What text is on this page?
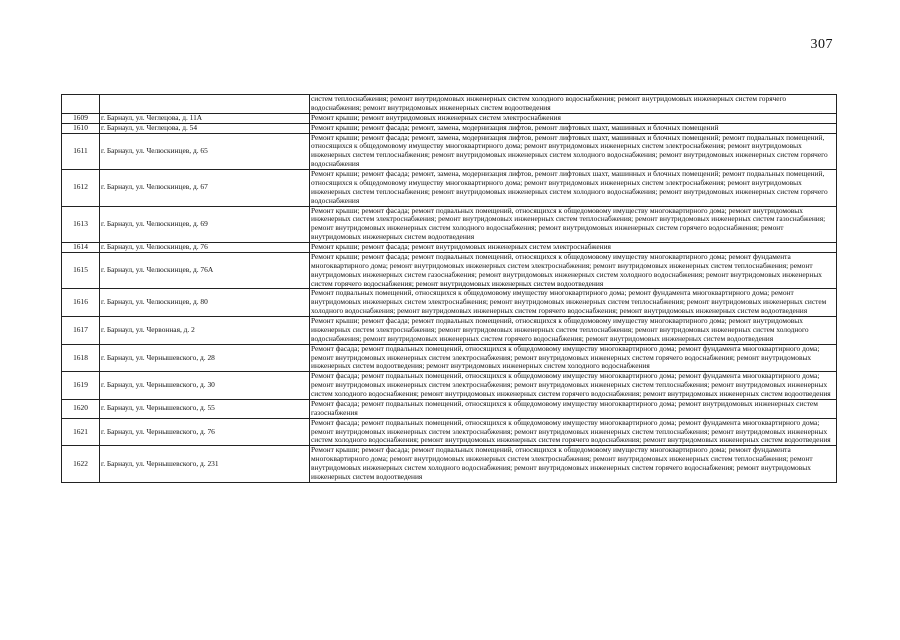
307
		систем теплоснабжения; ремонт внутридомовых инженерных систем холодного водоснабжения; ремонт внутридомовых инженерных систем горячего водоснабжения; ремонт внутридомовых инженерных систем водоотведения
1609	г. Барнаул, ул. Чеглецова, д. 11А	Ремонт крыши; ремонт внутридомовых инженерных систем электроснабжения
1610	г. Барнаул, ул. Чеглецова, д. 54	Ремонт крыши; ремонт фасада; ремонт, замена, модернизация лифтов, ремонт лифтовых шахт, машинных и блочных помещений
1611	г. Барнаул, ул. Челюскинцев, д. 65	Ремонт крыши; ремонт фасада; ремонт, замена, модернизация лифтов, ремонт лифтовых шахт, машинных и блочных помещений; ремонт подвальных помещений, относящихся к общедомовому имуществу многоквартирного дома; ремонт внутридомовых инженерных систем электроснабжения; ремонт внутридомовых инженерных систем теплоснабжения; ремонт внутридомовых инженерных систем холодного водоснабжения; ремонт внутридомовых инженерных систем горячего водоснабжения
1612	г. Барнаул, ул. Челюскинцев, д. 67	Ремонт крыши; ремонт фасада; ремонт, замена, модернизация лифтов, ремонт лифтовых шахт, машинных и блочных помещений; ремонт подвальных помещений, относящихся к общедомовому имуществу многоквартирного дома; ремонт внутридомовых инженерных систем электроснабжения; ремонт внутридомовых инженерных систем теплоснабжения; ремонт внутридомовых инженерных систем холодного водоснабжения; ремонт внутридомовых инженерных систем горячего водоснабжения
1613	г. Барнаул, ул. Челюскинцев, д. 69	Ремонт крыши; ремонт фасада; ремонт подвальных помещений, относящихся к общедомовому имуществу многоквартирного дома; ремонт внутридомовых инженерных систем электроснабжения; ремонт внутридомовых инженерных систем теплоснабжения; ремонт внутридомовых инженерных систем газоснабжения; ремонт внутридомовых инженерных систем холодного водоснабжения; ремонт внутридомовых инженерных систем горячего водоснабжения; ремонт внутридомовых инженерных систем водоотведения
1614	г. Барнаул, ул. Челюскинцев, д. 76	Ремонт крыши; ремонт фасада; ремонт внутридомовых инженерных систем электроснабжения
1615	г. Барнаул, ул. Челюскинцев, д. 76А	Ремонт крыши; ремонт фасада; ремонт подвальных помещений, относящихся к общедомовому имуществу многоквартирного дома; ремонт фундамента многоквартирного дома; ремонт внутридомовых инженерных систем электроснабжения; ремонт внутридомовых инженерных систем теплоснабжения; ремонт внутридомовых инженерных систем газоснабжения; ремонт внутридомовых инженерных систем холодного водоснабжения; ремонт внутридомовых инженерных систем горячего водоснабжения; ремонт внутридомовых инженерных систем водоотведения
1616	г. Барнаул, ул. Челюскинцев, д. 80	Ремонт подвальных помещений, относящихся к общедомовому имуществу многоквартирного дома; ремонт фундамента многоквартирного дома; ремонт внутридомовых инженерных систем электроснабжения; ремонт внутридомовых инженерных систем теплоснабжения; ремонт внутридомовых инженерных систем холодного водоснабжения; ремонт внутридомовых инженерных систем горячего водоснабжения; ремонт внутридомовых инженерных систем водоотведения
1617	г. Барнаул, ул. Червонная, д. 2	Ремонт крыши; ремонт фасада; ремонт подвальных помещений, относящихся к общедомовому имуществу многоквартирного дома; ремонт внутридомовых инженерных систем электроснабжения; ремонт внутридомовых инженерных систем теплоснабжения; ремонт внутридомовых инженерных систем холодного водоснабжения; ремонт внутридомовых инженерных систем горячего водоснабжения; ремонт внутридомовых инженерных систем водоотведения
1618	г. Барнаул, ул. Чернышевского, д. 28	Ремонт фасада; ремонт подвальных помещений, относящихся к общедомовому имуществу многоквартирного дома; ремонт фундамента многоквартирного дома; ремонт внутридомовых инженерных систем электроснабжения; ремонт внутридомовых инженерных систем горячего водоснабжения; ремонт внутридомовых инженерных систем водоотведения; ремонт внутридомовых инженерных систем холодного водоснабжения
1619	г. Барнаул, ул. Чернышевского, д. 30	Ремонт фасада; ремонт подвальных помещений, относящихся к общедомовому имуществу многоквартирного дома; ремонт фундамента многоквартирного дома; ремонт внутридомовых инженерных систем электроснабжения; ремонт внутридомовых инженерных систем теплоснабжения; ремонт внутридомовых инженерных систем холодного водоснабжения; ремонт внутридомовых инженерных систем горячего водоснабжения; ремонт внутридомовых инженерных систем водоотведения
1620	г. Барнаул, ул. Чернышевского, д. 55	Ремонт фасада; ремонт подвальных помещений, относящихся к общедомовому имуществу многоквартирного дома; ремонт внутридомовых инженерных систем газоснабжения
1621	г. Барнаул, ул. Чернышевского, д. 76	Ремонт фасада; ремонт подвальных помещений, относящихся к общедомовому имуществу многоквартирного дома; ремонт фундамента многоквартирного дома; ремонт внутридомовых инженерных систем электроснабжения; ремонт внутридомовых инженерных систем теплоснабжения; ремонт внутридомовых инженерных систем холодного водоснабжения; ремонт внутридомовых инженерных систем горячего водоснабжения; ремонт внутридомовых инженерных систем водоотведения
1622	г. Барнаул, ул. Чернышевского, д. 231	Ремонт крыши; ремонт фасада; ремонт подвальных помещений, относящихся к общедомовому имуществу многоквартирного дома; ремонт фундамента многоквартирного дома; ремонт внутридомовых инженерных систем электроснабжения; ремонт внутридомовых инженерных систем теплоснабжения; ремонт внутридомовых инженерных систем холодного водоснабжения; ремонт внутридомовых инженерных систем горячего водоснабжения; ремонт внутридомовых инженерных систем водоотведения
